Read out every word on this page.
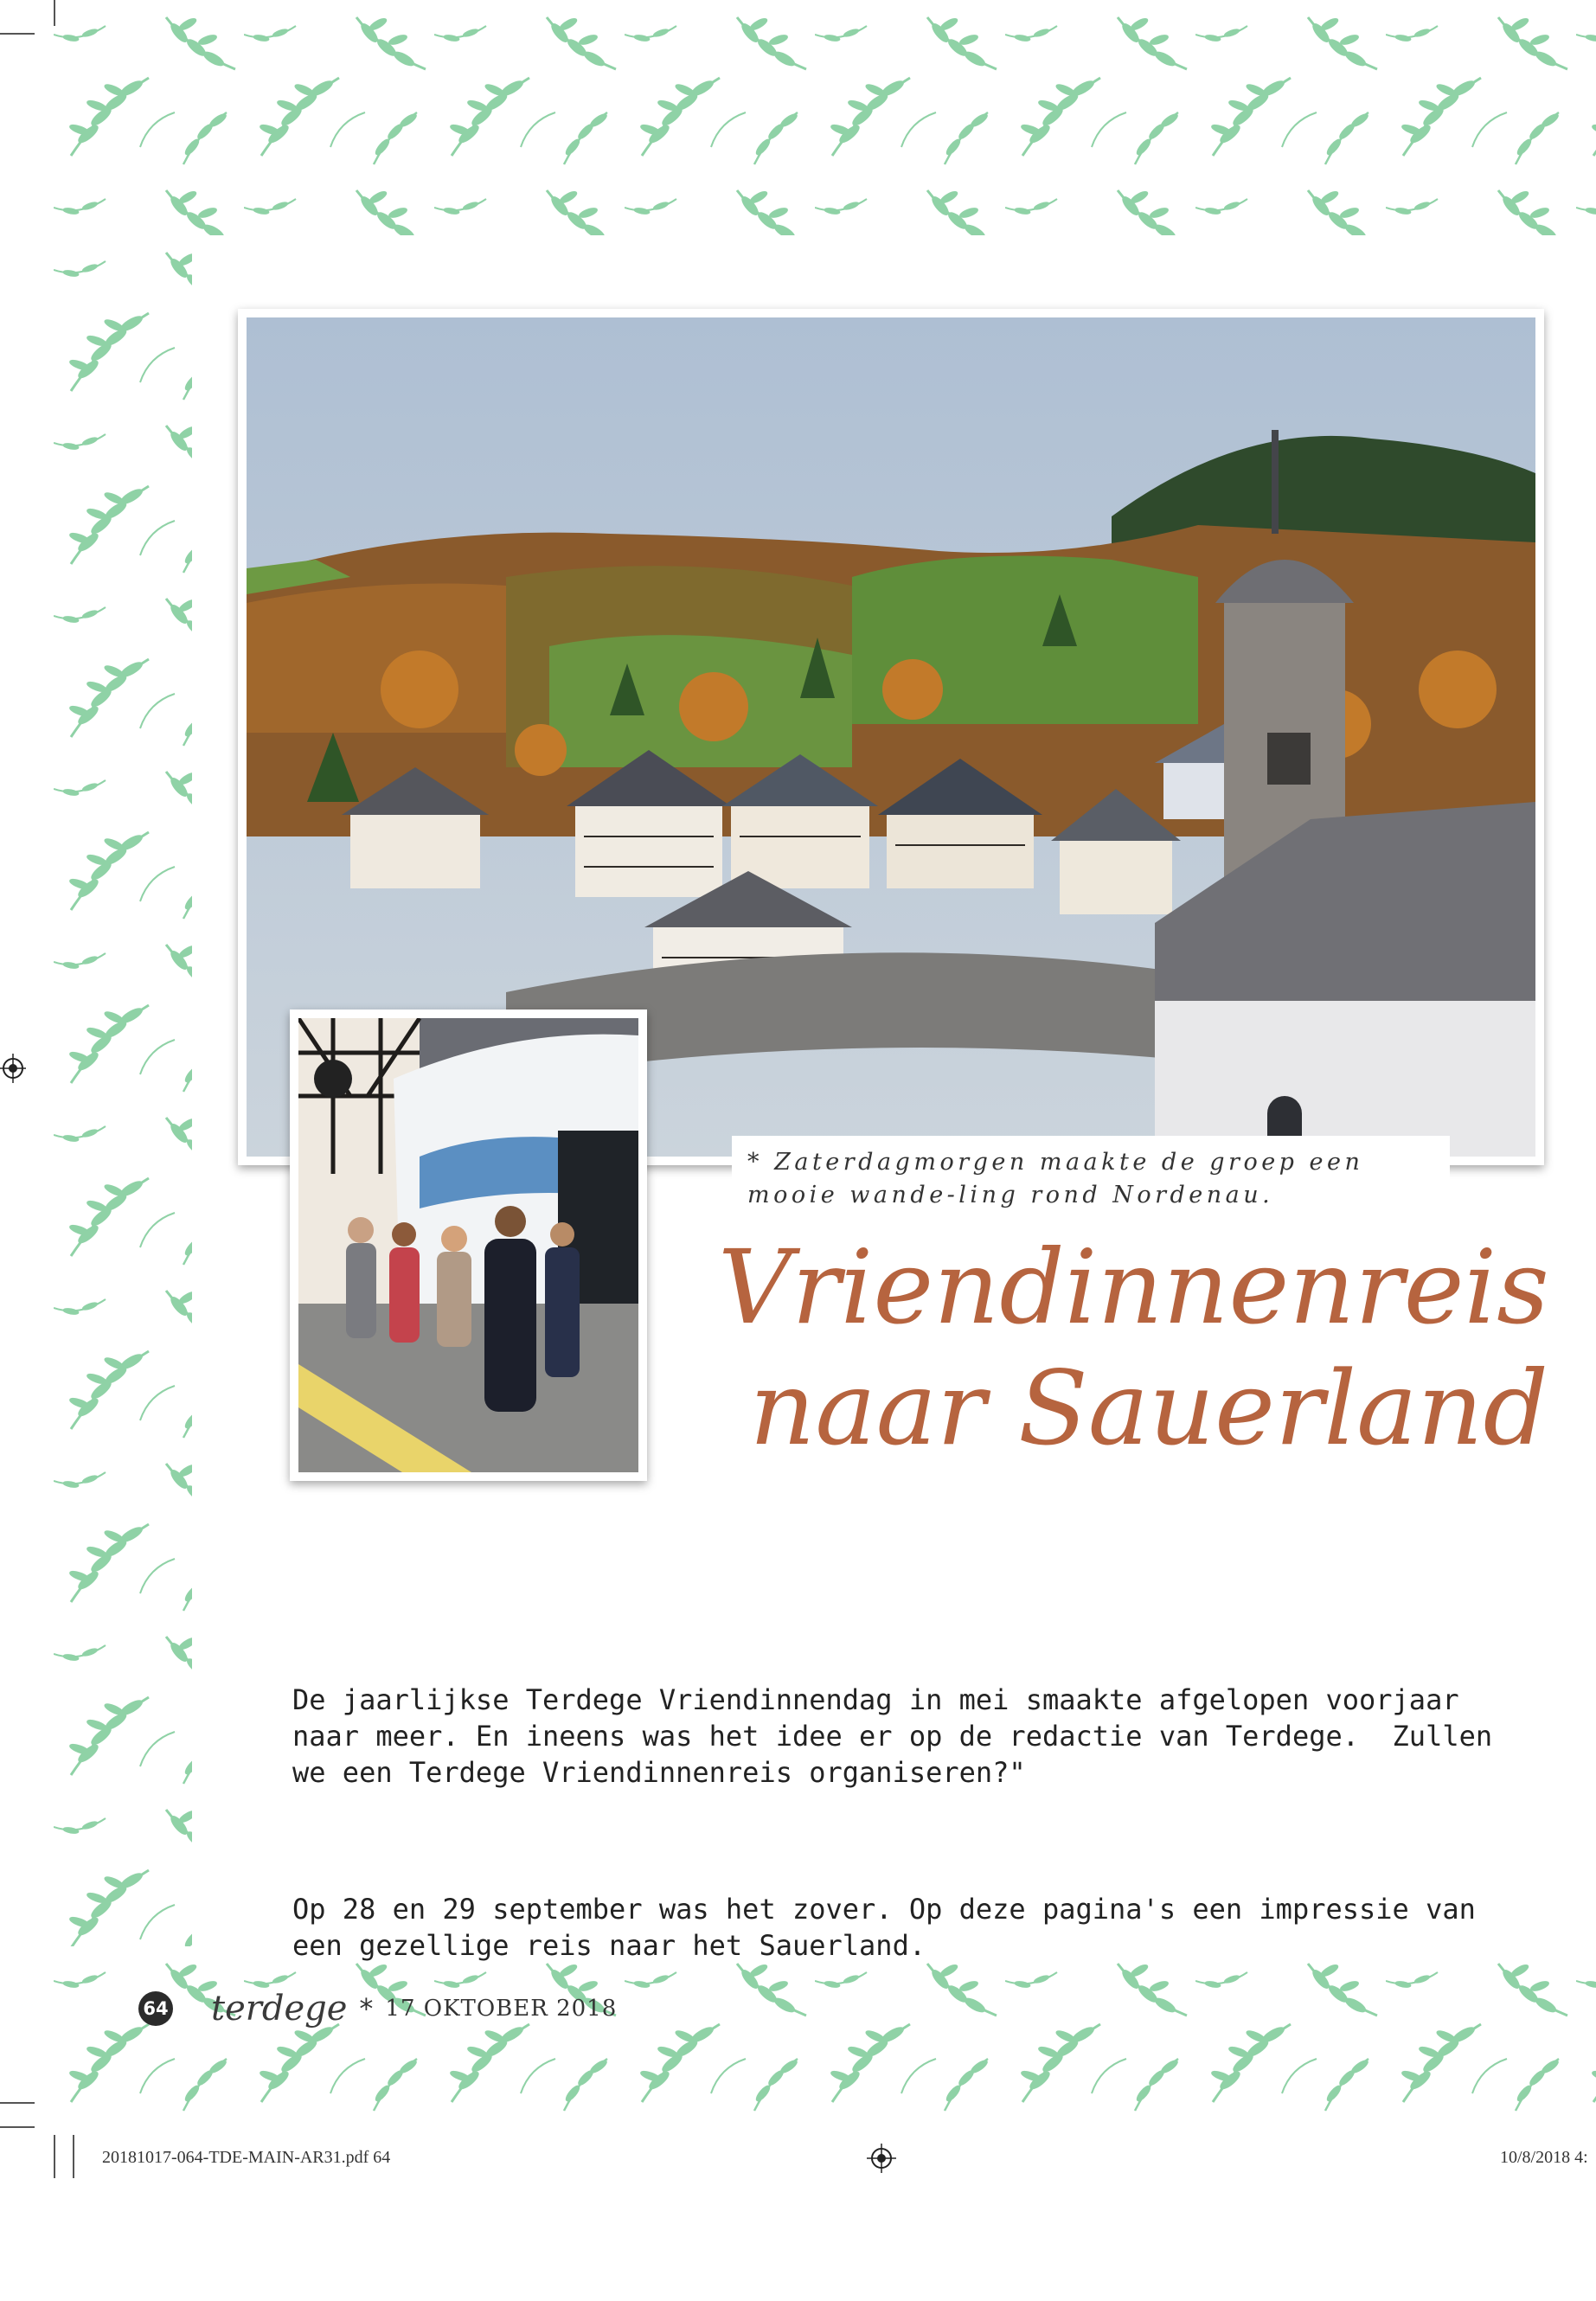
* Zaterdagmorgen maakte de groep een mooie wande-ling rond Nordenau.
Vriendinnenreis
naar Sauerland

De jaarlijkse Terdege Vriendinnendag in mei smaakte afgelopen voorjaar
naar meer. En ineens was het idee er op de redactie van Terdege.  Zullen
we een Terdege Vriendinnenreis organiseren?"

Op 28 en 29 september was het zover. Op deze pagina's een impressie van
een gezellige reis naar het Sauerland.

64 terdege * 17 OKTOBER 2018
20181017-064-TDE-MAIN-AR31.pdf 64	10/8/2018 4:
